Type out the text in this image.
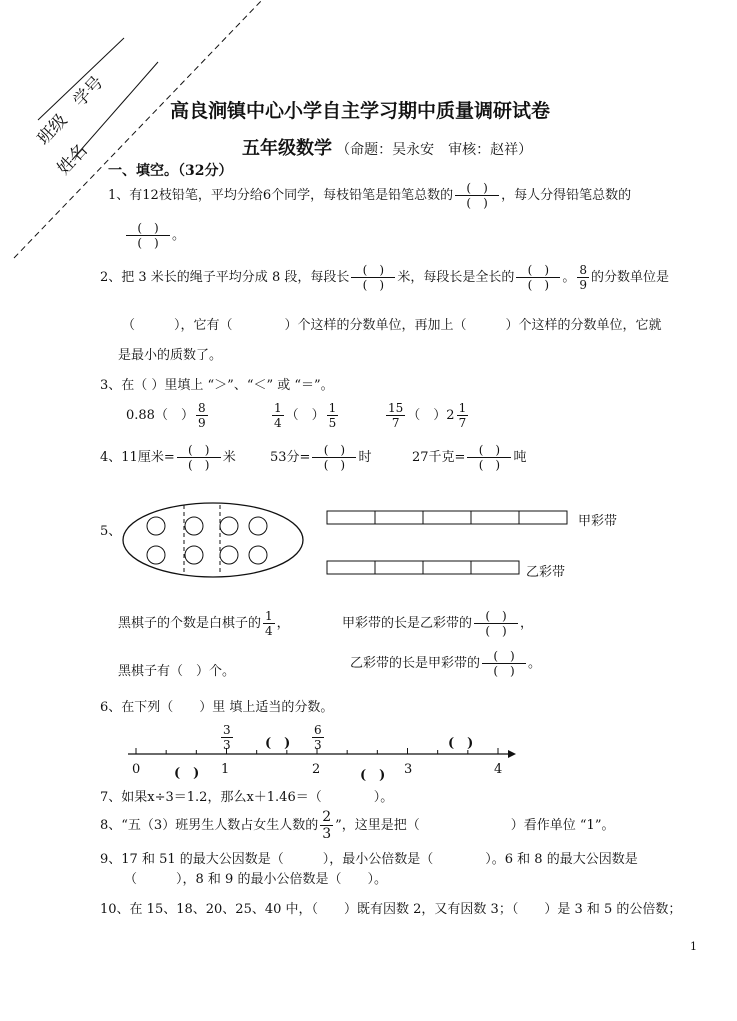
班级
学号
姓名
高良涧镇中心小学自主学习期中质量调研试卷
五年级数学 （命题：吴永安　审核：赵祥）
一、填空。（32分）
1、有12枝铅笔，平均分给6个同学，每枝铅笔是铅笔总数的 $\frac{( )}{( )}$ ，每人分得铅笔总数的
$\frac{( )}{( )}$ 。
2、把 3 米长的绳子平均分成 8 段，每段长 $\frac{( )}{( )}$ 米，每段长是全长的 $\frac{( )}{( )}$ 。 $\frac{8}{9}$ 的分数单位是
（　　　），它有（　　　　）个这样的分数单位，再加上（　　　）个这样的分数单位，它就
是最小的质数了。
3、在（ ）里填上 “＞”、“＜” 或 “＝”。
0.88（　） $\frac{8}{9}$	$\frac{1}{4}$ （　） $\frac{1}{5}$	$\frac{15}{7}$ （　）$2 \frac{1}{7}$
4、11厘米= $\frac{( )}{( )}$ 米	53分= $\frac{( )}{( )}$ 时	27千克= $\frac{( )}{( )}$ 吨
5、
甲彩带
乙彩带
黑棋子的个数是白棋子的 $\frac{1}{4}$ ，	甲彩带的长是乙彩带的 $\frac{( )}{( )}$ ，
黑棋子有（　）个。
乙彩带的长是甲彩带的 $\frac{( )}{( )}$ 。
6、在下列（　　）里 填上适当的分数。
0	1	2	3	4
$\frac{3}{3}$	$\frac{6}{3}$
(　)	(　)
(　)	(　)
7、如果x÷3＝1.2，那么x＋1.46＝（　　　　）。
8、“五（3）班男生人数占女生人数的 $\frac{2}{3}$ ”，这里是把（　　　　　　　）看作单位 “1”。
9、17 和 51 的最大公因数是（　　　），最小公倍数是（　　　　）。6 和 8 的最大公因数是
（　　　），8 和 9 的最小公倍数是（　　）。
10、在 15、18、20、25、40 中，（　　）既有因数 2，又有因数 3；（　　）是 3 和 5 的公倍数；
1
